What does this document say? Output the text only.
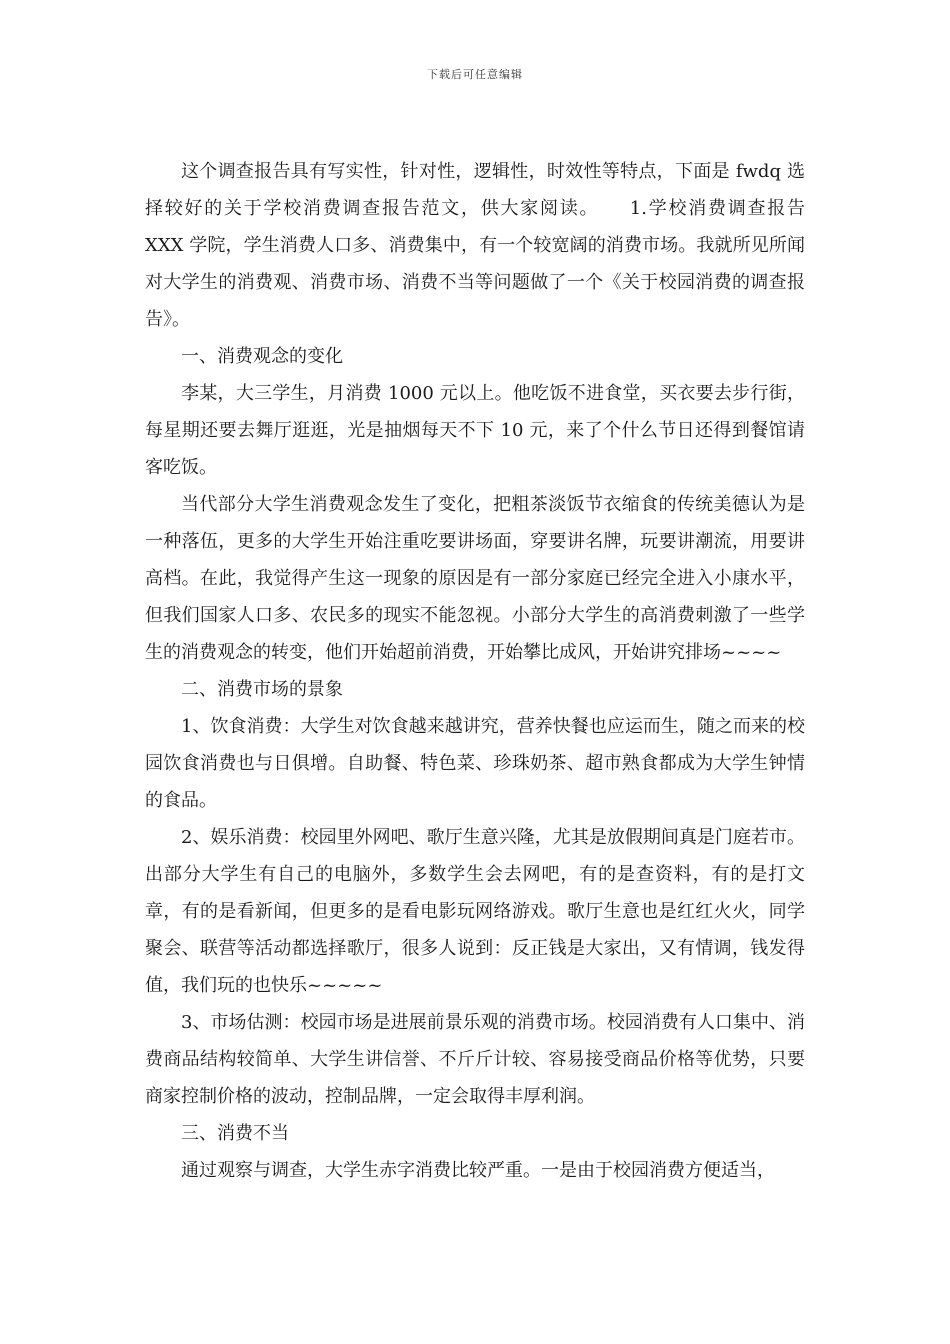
下载后可任意编辑

这个调查报告具有写实性，针对性，逻辑性，时效性等特点，下面是 fwdq 选择较好的关于学校消费调查报告范文，供大家阅读。　　1.学校消费调查报告　　XXX 学院，学生消费人口多、消费集中，有一个较宽阔的消费市场。我就所见所闻对大学生的消费观、消费市场、消费不当等问题做了一个《关于校园消费的调查报告》。

一、消费观念的变化

李某，大三学生，月消费 1000 元以上。他吃饭不进食堂，买衣要去步行街，每星期还要去舞厅逛逛，光是抽烟每天不下 10 元，来了个什么节日还得到餐馆请客吃饭。

当代部分大学生消费观念发生了变化，把粗茶淡饭节衣缩食的传统美德认为是一种落伍，更多的大学生开始注重吃要讲场面，穿要讲名牌，玩要讲潮流，用要讲高档。在此，我觉得产生这一现象的原因是有一部分家庭已经完全进入小康水平，但我们国家人口多、农民多的现实不能忽视。小部分大学生的高消费刺激了一些学生的消费观念的转变，他们开始超前消费，开始攀比成风，开始讲究排场~~~~

二、消费市场的景象

1、饮食消费：大学生对饮食越来越讲究，营养快餐也应运而生，随之而来的校园饮食消费也与日俱增。自助餐、特色菜、珍珠奶茶、超市熟食都成为大学生钟情的食品。

2、娱乐消费：校园里外网吧、歌厅生意兴隆，尤其是放假期间真是门庭若市。出部分大学生有自己的电脑外，多数学生会去网吧，有的是查资料，有的是打文章，有的是看新闻，但更多的是看电影玩网络游戏。歌厅生意也是红红火火，同学聚会、联营等活动都选择歌厅，很多人说到：反正钱是大家出，又有情调，钱发得值，我们玩的也快乐~~~~~

3、市场估测：校园市场是进展前景乐观的消费市场。校园消费有人口集中、消费商品结构较简单、大学生讲信誉、不斤斤计较、容易接受商品价格等优势，只要商家控制价格的波动，控制品牌，一定会取得丰厚利润。

三、消费不当

通过观察与调查，大学生赤字消费比较严重。一是由于校园消费方便适当，
